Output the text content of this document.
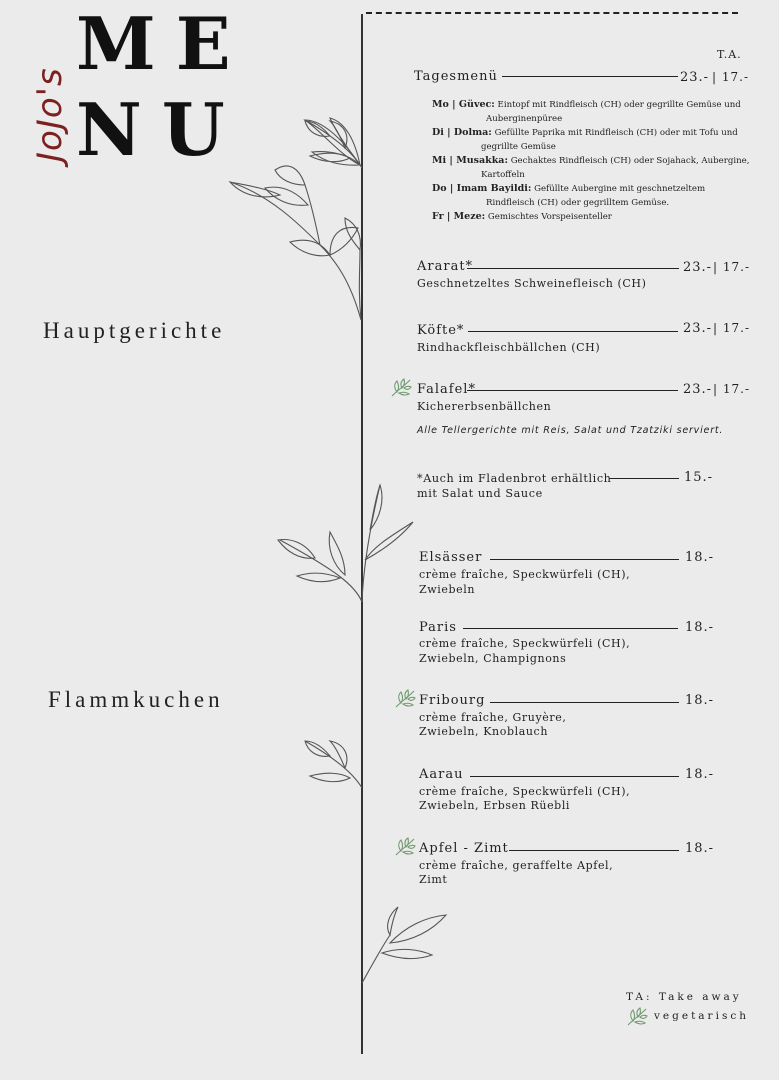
JoJo's
ME
NU
Hauptgerichte
Flammkuchen
T.A.
Tagesmenü	23.- | 17.-
Mo | Güvec: Eintopf mit Rindfleisch (CH) oder gegrillte Gemüse und
Auberginenpüree
Di | Dolma: Gefüllte Paprika mit Rindfleisch (CH) oder mit Tofu und
gegrillte Gemüse
Mi | Musakka: Gechaktes Rindfleisch (CH) oder Sojahack, Aubergine,
Kartoffeln
Do | Imam Bayildi: Gefüllte Aubergine mit geschnetzeltem
Rindfleisch (CH) oder gegrilltem Gemüse.
Fr | Meze: Gemischtes Vorspeisenteller
Ararat*	23.- | 17.-
Geschnetzeltes Schweinefleisch (CH)
Köfte*	23.- | 17.-
Rindhackfleischbällchen (CH)
Falafel*	23.- | 17.-
Kichererbsenbällchen
Alle Tellergerichte mit Reis, Salat und Tzatziki serviert.
*Auch im Fladenbrot erhältlich
mit Salat und Sauce
15.-
Elsässer	18.-
crème fraîche, Speckwürfeli (CH),
Zwiebeln
Paris	18.-
crème fraîche, Speckwürfeli (CH),
Zwiebeln, Champignons
Fribourg	18.-
crème fraîche, Gruyère,
Zwiebeln, Knoblauch
Aarau	18.-
crème fraîche, Speckwürfeli (CH),
Zwiebeln, Erbsen Rüebli
Apfel - Zimt	18.-
crème fraîche, geraffelte Apfel,
Zimt
TA: Take away
vegetarisch
